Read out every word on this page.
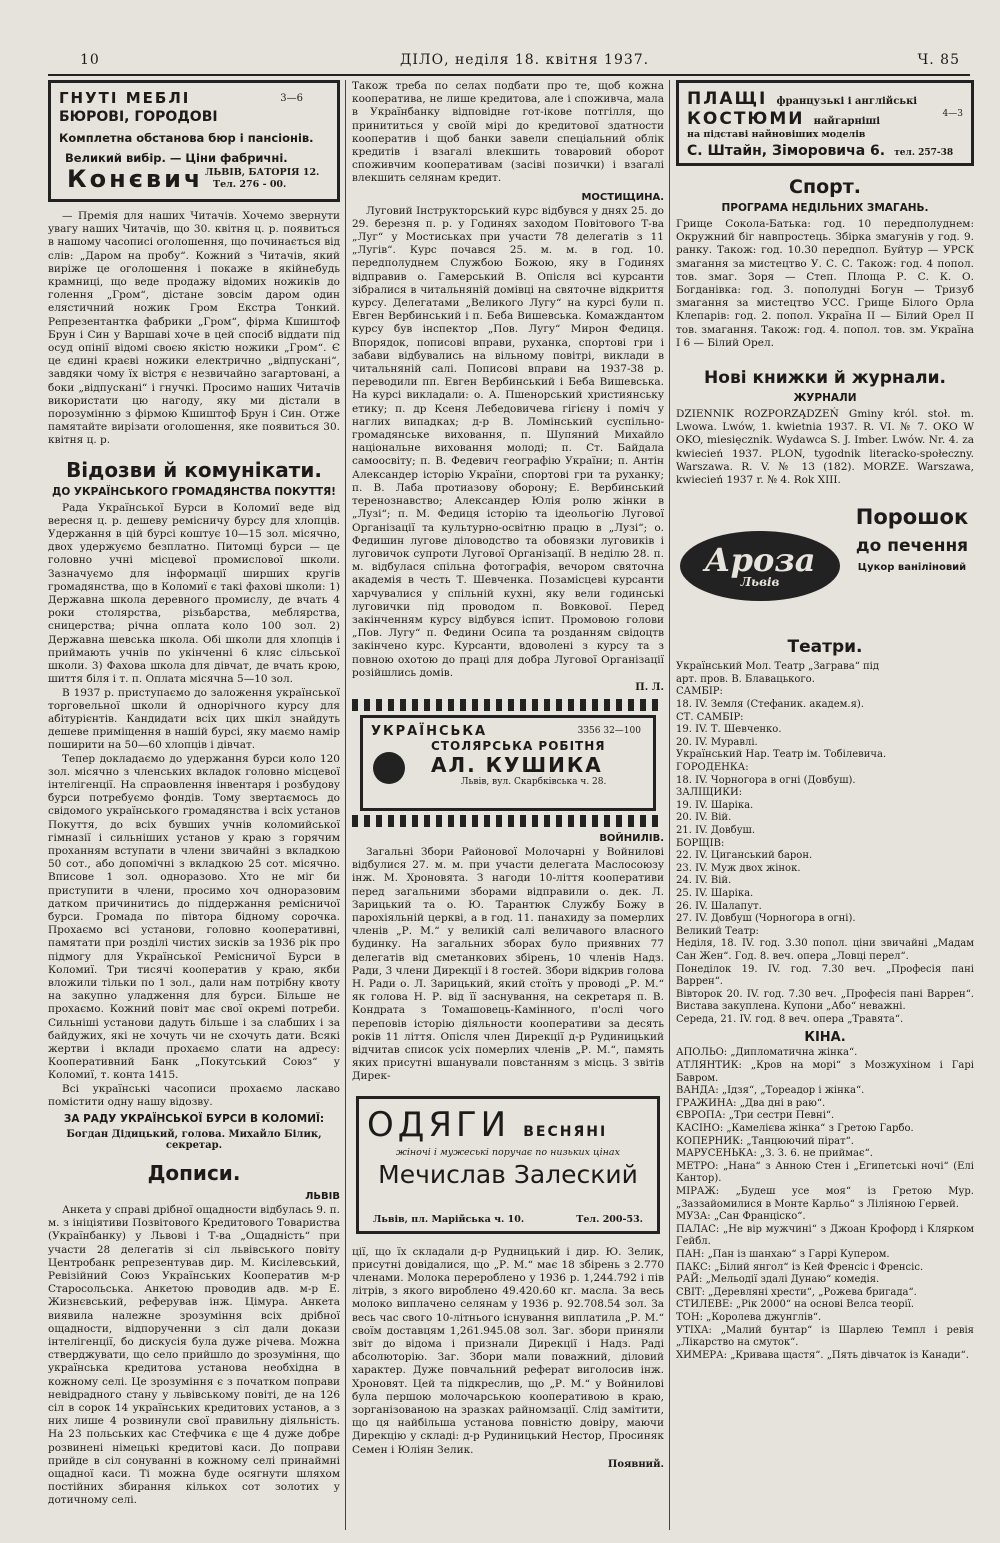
10	ДІЛО, неділя 18. квітня 1937.	Ч. 85
ГНУТІ МЕБЛІ	3—6
БЮРОВІ, ГОРОДОВІ
Комплетна обстанова бюр і пансіонів.
Великий вибір. — Ціни фабричні.
Конєвич ЛЬВІВ, БАТОРІЯ 12.
Тел. 276 - 00.

— Премія для наших Читачів. Хочемо звернути увагу наших Читачів, що 30. квітня ц. р. появиться в нашому часописі оголошення, що починається від слів: „Даром на пробу“. Кожний з Читачів, який виріже це оголошення і покаже в якійнебудь крамниці, що веде продажу відомих ножиків до голення „Гром“, дістане зовсім даром один елястичний ножик Гром Екстра Тонкий. Репрезентантка фабрики „Гром“, фірма Кшиштоф Брун і Син у Варшаві хоче в цей спосіб віддати під осуд опінії відомі своєю якістю ножики „Гром“. Є це єдині краєві ножики електрично „відпускані“, завдяки чому їх вістря є незвичайно загартовані, а боки „відпускані“ і гнучкі. Просимо наших Читачів використати цю нагоду, яку ми дістали в порозумінню з фірмою Кшиштоф Брун і Син. Отже памятайте вирізати оголошення, яке появиться 30. квітня ц. р.

Відозви й комунікати.
ДО УКРАЇНСЬКОГО ГРОМАДЯНСТВА ПОКУТТЯ!

Рада Української Бурси в Коломиї веде від вересня ц. р. дешеву ремісничу бурсу для хлопців. Удержання в цій бурсі коштує 10—15 зол. місячно, двох удержуємо безплатно. Питомці бурси — це головно учні місцевої промислової школи. Зазначуємо для інформації ширших кругів громадянства, що в Коломиї є такі фахові школи: 1) Державна школа деревного промислу, де вчать 4 роки столярства, різьбарства, меблярства, сницерства; річна оплата коло 100 зол. 2) Державна шевська школа. Обі школи для хлопців і приймають учнів по укінченні 6 кляс сільської школи. 3) Фахова школа для дівчат, де вчать крою, шиття біля і т. п. Оплата місячна 5—10 зол.

В 1937 р. приступаємо до заложення української торговельної школи й однорічного курсу для абітурієнтів. Кандидати всіх цих шкіл знайдуть дешеве приміщення в нашій бурсі, яку маємо намір поширити на 50—60 хлопців і дівчат.

Тепер докладаємо до удержання бурси коло 120 зол. місячно з членських вкладок головно місцевої інтелігенції. На спраовлення інвентаря і розбудову бурси потребуємо фондів. Тому звертаємось до свідомого українського громадянства і всіх установ Покуття, до всіх бувших учнів коломийської гімназії і сильніших установ у краю з горячим проханням вступати в члени звичайні з вкладкою 50 сот., або допомічні з вкладкою 25 сот. місячно. Вписове 1 зол. одноразово. Хто не міг би приступити в члени, просимо хоч одноразовим датком причинитись до піддержання ремісничої бурси. Громада по півтора бідному сорочка. Прохаємо всі установи, головно кооперативні, памятати при розділі чистих зисків за 1936 рік про підмогу для Української Ремісничої Бурси в Коломиї. Три тисячі кооператив у краю, якби вложили тільки по 1 зол., дали нам потрібну квоту на закупно уладження для бурси. Більше не прохаємо. Кожний повіт має свої окремі потреби. Сильніші установи дадуть більше і за слабших і за байдужих, які не хочуть чи не схочуть дати. Всякі жертви і вклади прохаємо слати на адресу: Кооперативний Банк „Покутський Союз“ у Коломиї, т. конта 1415.

Всі українські часописи прохаємо ласкаво помістити одну нашу відозву.

ЗА РАДУ УКРАЇНСЬКОЇ БУРСИ В КОЛОМИЇ:
Богдан Дідицький, голова. Михайло Білик, секретар.
Дописи.
ЛЬВІВ

Анкета у справі дрібної ощадности відбулась 9. п. м. з ініціятиви Позвітового Кредитового Товариства (Українбанку) у Львові і Т-ва „Ощадність“ при участи 28 делегатів зі сіл львівського повіту Центробанк репрезентував дир. М. Кисілевський, Ревізійний Союз Українських Кооператив м-р Старосольська. Анкетою проводив адв. м-р Е. Жизнєвський, реферував інж. Цімура. Анкета виявила належне зрозуміння всіх дрібної ощадности, відпорученни з сіл дали докази інтелігенції, бо дискусія була дуже річева. Можна стверджувати, що село прийшло до зрозуміння, що українська кредитова установа необхідна в кожному селі. Це зрозуміння є з початком поправи невідрадного стану у львівському повіті, де на 126 сіл в сорок 14 українських кредитових установ, а з них лише 4 розвинули свої правильну діяльність. На 23 польських кас Стефчика є ще 4 дуже добре розвинені німецькі кредитові каси. До поправи прийде в сіл сонуванні в кожному селі принаймні ощадної каси. Ті можна буде осягнути шляхом постійних збирання кількох сот золотих у дотичному селі.

Також треба по селах подбати про те, щоб кожна кооператива, не лише кредитова, але і споживча, мала в Українбанку відповідне гот-ікове потгілля, що принититься у своїй мірі до кредитової здатности кооператив і щоб банки завели спеціальний облік кредитів і взагалі влекшить товаровий оборот споживчим кооперативам (засіві позички) і взагалі влекшить селянам кредит.

МОСТИЩИНА.

Луговий Інструкторський курс відбувся у днях 25. до 29. березня п. р. у Годинях заходом Повітового Т-ва „Луг“ у Мостиськах при участи 78 делегатів з 11 „Лугів“. Курс почався 25. м. м. в год. 10. передполуднем Службою Божою, яку в Годинях відправив о. Гамерський В. Опісля всі курсанти зібралися в читальняній домівці на святочне відкриття курсу. Делегатами „Великого Лугу“ на курсі були п. Евген Вербинський і п. Беба Вишевська. Комаждантом курсу був інспектор „Пов. Лугу“ Мирон Федиця. Впорядок, пописові вправи, руханка, спортові гри і забави відбувались на вільному повітрі, виклади в читальняній салі. Пописові вправи на 1937-38 р. переводили пп. Евген Вербинський і Беба Вишевська. На курсі викладали: о. А. Пшенорський християнську етику; п. др Ксеня Лебедовичева гігієну і поміч у наглих випадках; д-р В. Ломінський суспільно-громадянське виховання, п. Шупяний Михайло національне виховання молоді; п. Ст. Байдала самоосвіту; п. В. Федевич географію України; п. Антін Александер історію України, спортові гри та руханку; п. В. Лаба протиазову оборону; Е. Вербинський теренознавство; Александер Юлія ролю жінки в „Лузі“; п. М. Федиця історію та ідеольогію Лугової Організації та культурно-освітню працю в „Лузі“; о. Федишин лугове діловодство та обовязки луговиків і луговичок супроти Лугової Організації. В неділю 28. п. м. відбулася спільна фотографія, вечором святочна академія в честь Т. Шевченка. Позамісцеві курсанти харчувалися у спільній кухні, яку вели годинські луговички під проводом п. Вовкової. Перед закінченням курсу відбувся іспит. Промовою голови „Пов. Лугу“ п. Федини Осипа та розданням свідоцтв закінчено курс. Курсанти, вдоволені з курсу та з повною охотою до праці для добра Лугової Організації розійшлись домів.

П. Л.
УКРАЇНСЬКА	3356 32—100
СТОЛЯРСЬКА РОБІТНЯ
АЛ. КУШИКА
Львів, вул. Скарбківська ч. 28.
ВОЙНИЛІВ.

Загальні Збори Районової Молочарні у Войнилові відбулися 27. м. м. при участи делегата Маслосоюзу інж. М. Хроновята. З нагоди 10-ліття кооперативи перед загальними зборами відправили о. дек. Л. Зарицький та о. Ю. Тарантюк Службу Божу в парохіяльній церкві, а в год. 11. панахиду за померлих членів „Р. М.“ у великій салі величавого власного будинку. На загальних зборах було приявних 77 делегатів від сметанкових збірень, 10 членів Надз. Ради, 3 члени Дирекції і 8 гостей. Збори відкрив голова Н. Ради о. Л. Зарицький, який стоїть у проводі „Р. М.“ як голова Н. Р. від її заснування, на секретаря п. В. Кондрата з Томашовець-Камінного, п'ослі чого переповів історію діяльности кооперативи за десять років 11 ліття. Опісля член Дирекції д-р Рудиницький відчитав список усіх померлих членів „Р. М.“, память яких присутні вшанували повстанням з місць. З звітів Дирек-

ОДЯГИ ВЕСНЯНІ
жіночі і мужеські поручає по низьких цінах
Мечислав Залеский
Львів, пл. Марійська ч. 10.	Тел. 200-53.

ції, що їх складали д-р Рудницький і дир. Ю. Зелик, присутні довідалися, що „Р. М.“ має 18 збірень з 2.770 членами. Молока перероблено у 1936 р. 1,244.792 і пів літрів, з якого вироблено 49.420.60 кг. масла. За весь молоко виплачено селянам у 1936 р. 92.708.54 зол. За весь час свого 10-літнього існування виплатила „Р. М.“ своїм доставцям 1,261.945.08 зол. Заг. збори приняли звіт до відома і признали Дирекції і Надз. Раді абсолюторію. Заг. Збори мали поважний, діловий характер. Дуже повчальний реферат виголосив інж. Хроновят. Цей та підкреслив, що „Р. М.“ у Войнилові була першою молочарською кооперативою в краю, зорганізованою на зразках райномзації. Слід замітити, що ця найбільша установа повністю довіру, маючи Дирекцію у складі: д-р Рудиницький Нестор, Просиняк Семен і Юліян Зелик.

Появний.
ПЛАЩІ французькі і англійські
КОСТЮМИ найгарніші
4—3
на підставі найновіших моделів
С. Штайн, Зіморовича 6. тел. 257-38
Спорт.
ПРОГРАМА НЕДІЛЬНИХ ЗМАГАНЬ.

Грище Сокола-Батька: год. 10 передполуднем: Окружний біг навпростець. Збірка змагунів у год. 9. ранку. Також: год. 10.30 передпол. Буйтур — УРСК змагання за мистецтво У. С. С. Також: год. 4 попол. тов. змаг. Зоря — Степ. Площа Р. С. К. О. Богданівка: год. 3. пополудні Богун — Тризуб змагання за мистецтво УСС. Грище Білого Орла Клепарів: год. 2. попол. Україна II — Білий Орел II тов. змагання. Також: год. 4. попол. тов. зм. Україна І 6 — Білий Орел.

Нові книжки й журнали.
ЖУРНАЛИ

DZIENNIK ROZPORZĄDZEŃ Gminy król. stoł. m. Lwowa. Lwów, 1. kwietnia 1937. R. VI. № 7. OKO W OKO, miesięcznik. Wydawca S. J. Imber. Lwów. Nr. 4. za kwiecień 1937. PLON, tygodnik literacko-społeczny. Warszawa. R. V. № 13 (182). MORZE. Warszawa, kwiecień 1937 r. № 4. Rok XIII.

Ароза
Львів
Порошок
до печення
Цукор ваніліновий
Театри.

Український Мол. Театр „Заграва“ під

арт. пров. В. Блавацького.

САМБІР:

18. IV. Земля (Стефаник. академ.я).

СТ. САМБІР:

19. IV. Т. Шевченко.

20. IV. Муравлі.

Український Нар. Театр ім. Тобілевича.

ГОРОДЕНКА:

18. IV. Чорногора в огні (Довбуш).

ЗАЛІЩИКИ:

19. IV. Шаріка.

20. IV. Вій.

21. IV. Довбуш.

БОРЩІВ:

22. IV. Циганський барон.

23. IV. Муж двох жінок.

24. IV. Вій.

25. IV. Шаріка.

26. IV. Шалапут.

27. IV. Довбуш (Чорногора в огні).

Великий Театр:

Неділя, 18. IV. год. 3.30 попол. ціни звичайні „Мадам Сан Жен“. Год. 8. веч. опера „Ловці перел“.

Понеділок 19. IV. год. 7.30 веч. „Професія пані Варрен“.

Вівторок 20. IV. год. 7.30 веч. „Професія пані Варрен“. Вистава закуплена. Купони „Або“ неважні.

Середа, 21. IV. год. 8 веч. опера „Травята“.

КІНА.

АПОЛЬО: „Дипломатична жінка“.

АТЛЯНТИК: „Кров на морі“ з Мозжухіном і Гарі Бавром.

ВАНДА: „Ідзя“, „Тореадор і жінка“.

ГРАЖИНА: „Два дні в раю“.

ЄВРОПА: „Три сестри Певні“.

КАСІНО: „Камелієва жінка“ з Гретою Гарбо.

КОПЕРНИК: „Танцюючий пірат“.

МАРУСЕНЬКА: „З. З. 6. не приймає“.

МЕТРО: „Нана“ з Анною Стен і „Египетські ночі“ (Елі Кантор).

МІРАЖ: „Будеш усе моя“ із Гретою Мур. „Заззайомилися в Монте Карльо“ з Ліліяною Гервей.

МУЗА: „Сан Франціско“.

ПАЛАС: „Не вір мужчині“ з Джоан Крофорд і Клярком Гейбл.

ПАН: „Пан із шанхаю“ з Гаррі Купером.

ПАКС: „Білий янгол“ із Кей Френсіс і Френсіс.

РАЙ: „Мельодії здалі Дунаю“ комедія.

СВІТ: „Деревляні хрести“, „Рожева бригада“.

СТИЛЕВЕ: „Рік 2000“ на основі Велса теорії.

ТОН: „Королева джунглів“.

УТІХА: „Малий бунтар“ із Шарлею Темпл і ревія „Лікарство на смуток“.

ХИМЕРА: „Кривава щастя“. „Пять дівчаток із Канади“.
